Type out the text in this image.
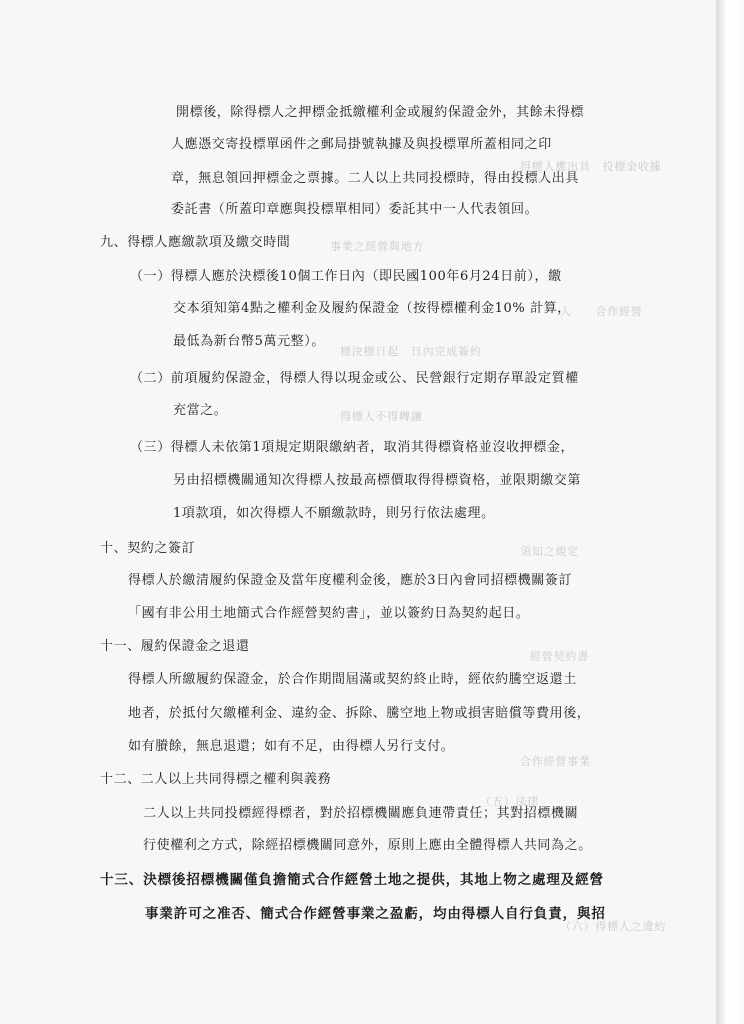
得標人應出具　投標金收據
事業之經營與地方
人　　合作經營
標決標日起　日內完成簽約
得標人不得轉讓
須知之規定
經營契約書
合作經營事業
（五）法律
（六）得標人之違約
開標後，除得標人之押標金抵繳權利金或履約保證金外，其餘未得標
人應憑交寄投標單函件之郵局掛號執據及與投標單所蓋相同之印
章，無息領回押標金之票據。二人以上共同投標時，得由投標人出具
委託書（所蓋印章應與投標單相同）委託其中一人代表領回。
九、得標人應繳款項及繳交時間
（一）得標人應於決標後10個工作日內（即民國100年6月24日前），繳
交本須知第4點之權利金及履約保證金（按得標權利金10% 計算，
最低為新台幣5萬元整）。
（二）前項履約保證金，得標人得以現金或公、民營銀行定期存單設定質權
充當之。
（三）得標人未依第1項規定期限繳納者，取消其得標資格並沒收押標金，
另由招標機關通知次得標人按最高標價取得得標資格，並限期繳交第
1項款項，如次得標人不願繳款時，則另行依法處理。
十、契約之簽訂
得標人於繳清履約保證金及當年度權利金後，應於3日內會同招標機關簽訂
「國有非公用土地簡式合作經營契約書」，並以簽約日為契約起日。
十一、履約保證金之退還
得標人所繳履約保證金，於合作期間屆滿或契約終止時，經依約騰空返還土
地者，於抵付欠繳權利金、違約金、拆除、騰空地上物或損害賠償等費用後，
如有賸餘，無息退還；如有不足，由得標人另行支付。
十二、二人以上共同得標之權利與義務
二人以上共同投標經得標者，對於招標機關應負連帶責任；其對招標機關
行使權利之方式，除經招標機關同意外，原則上應由全體得標人共同為之。
十三、決標後招標機關僅負擔簡式合作經營土地之提供，其地上物之處理及經營
事業許可之准否、簡式合作經營事業之盈虧，均由得標人自行負責，與招
